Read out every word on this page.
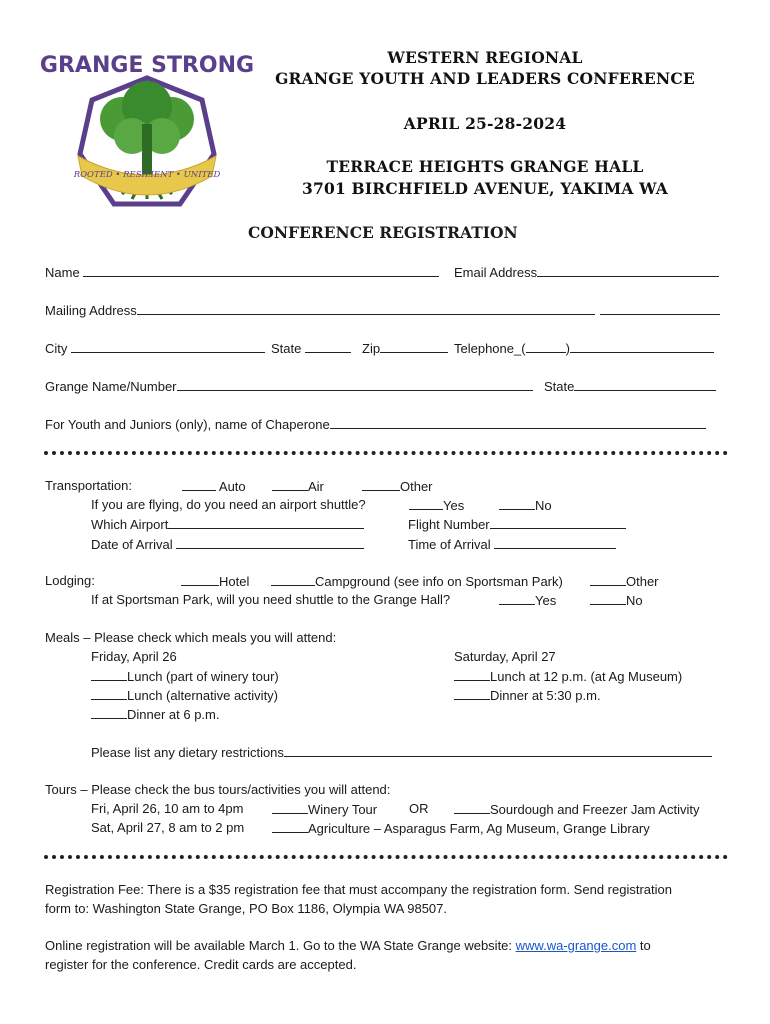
GRANGE STRONG
ROOTED • RESILIENT • UNITED
WESTERN REGIONAL
GRANGE YOUTH AND LEADERS CONFERENCE
APRIL 25-28-2024
TERRACE HEIGHTS GRANGE HALL
3701 BIRCHFIELD AVENUE, YAKIMA WA
CONFERENCE REGISTRATION
Name	Email Address
Mailing Address
City	State	Zip	Telephone_(	)
Grange Name/Number	State
For Youth and Juniors (only), name of Chaperone
Transportation:	Auto	Air	Other
If you are flying, do you need an airport shuttle?	Yes	No
Which Airport	Flight Number
Date of Arrival	Time of Arrival
Lodging:	Hotel	Campground (see info on Sportsman Park)	Other
If at Sportsman Park, will you need shuttle to the Grange Hall?	Yes	No
Meals – Please check which meals you will attend:
Friday, April 26
Lunch (part of winery tour)
Lunch (alternative activity)
Dinner at 6 p.m.
Saturday, April 27
Lunch at 12 p.m. (at Ag Museum)
Dinner at 5:30 p.m.
Please list any dietary restrictions
Tours – Please check the bus tours/activities you will attend:
Fri, April 26, 10 am to 4pm	Winery Tour OR	Sourdough and Freezer Jam Activity
Sat, April 27, 8 am to 2 pm	Agriculture – Asparagus Farm, Ag Museum, Grange Library
Registration Fee: There is a $35 registration fee that must accompany the registration form. Send registration
form to: Washington State Grange, PO Box 1186, Olympia WA 98507.
Online registration will be available March 1. Go to the WA State Grange website: www.wa-grange.com to
register for the conference. Credit cards are accepted.
